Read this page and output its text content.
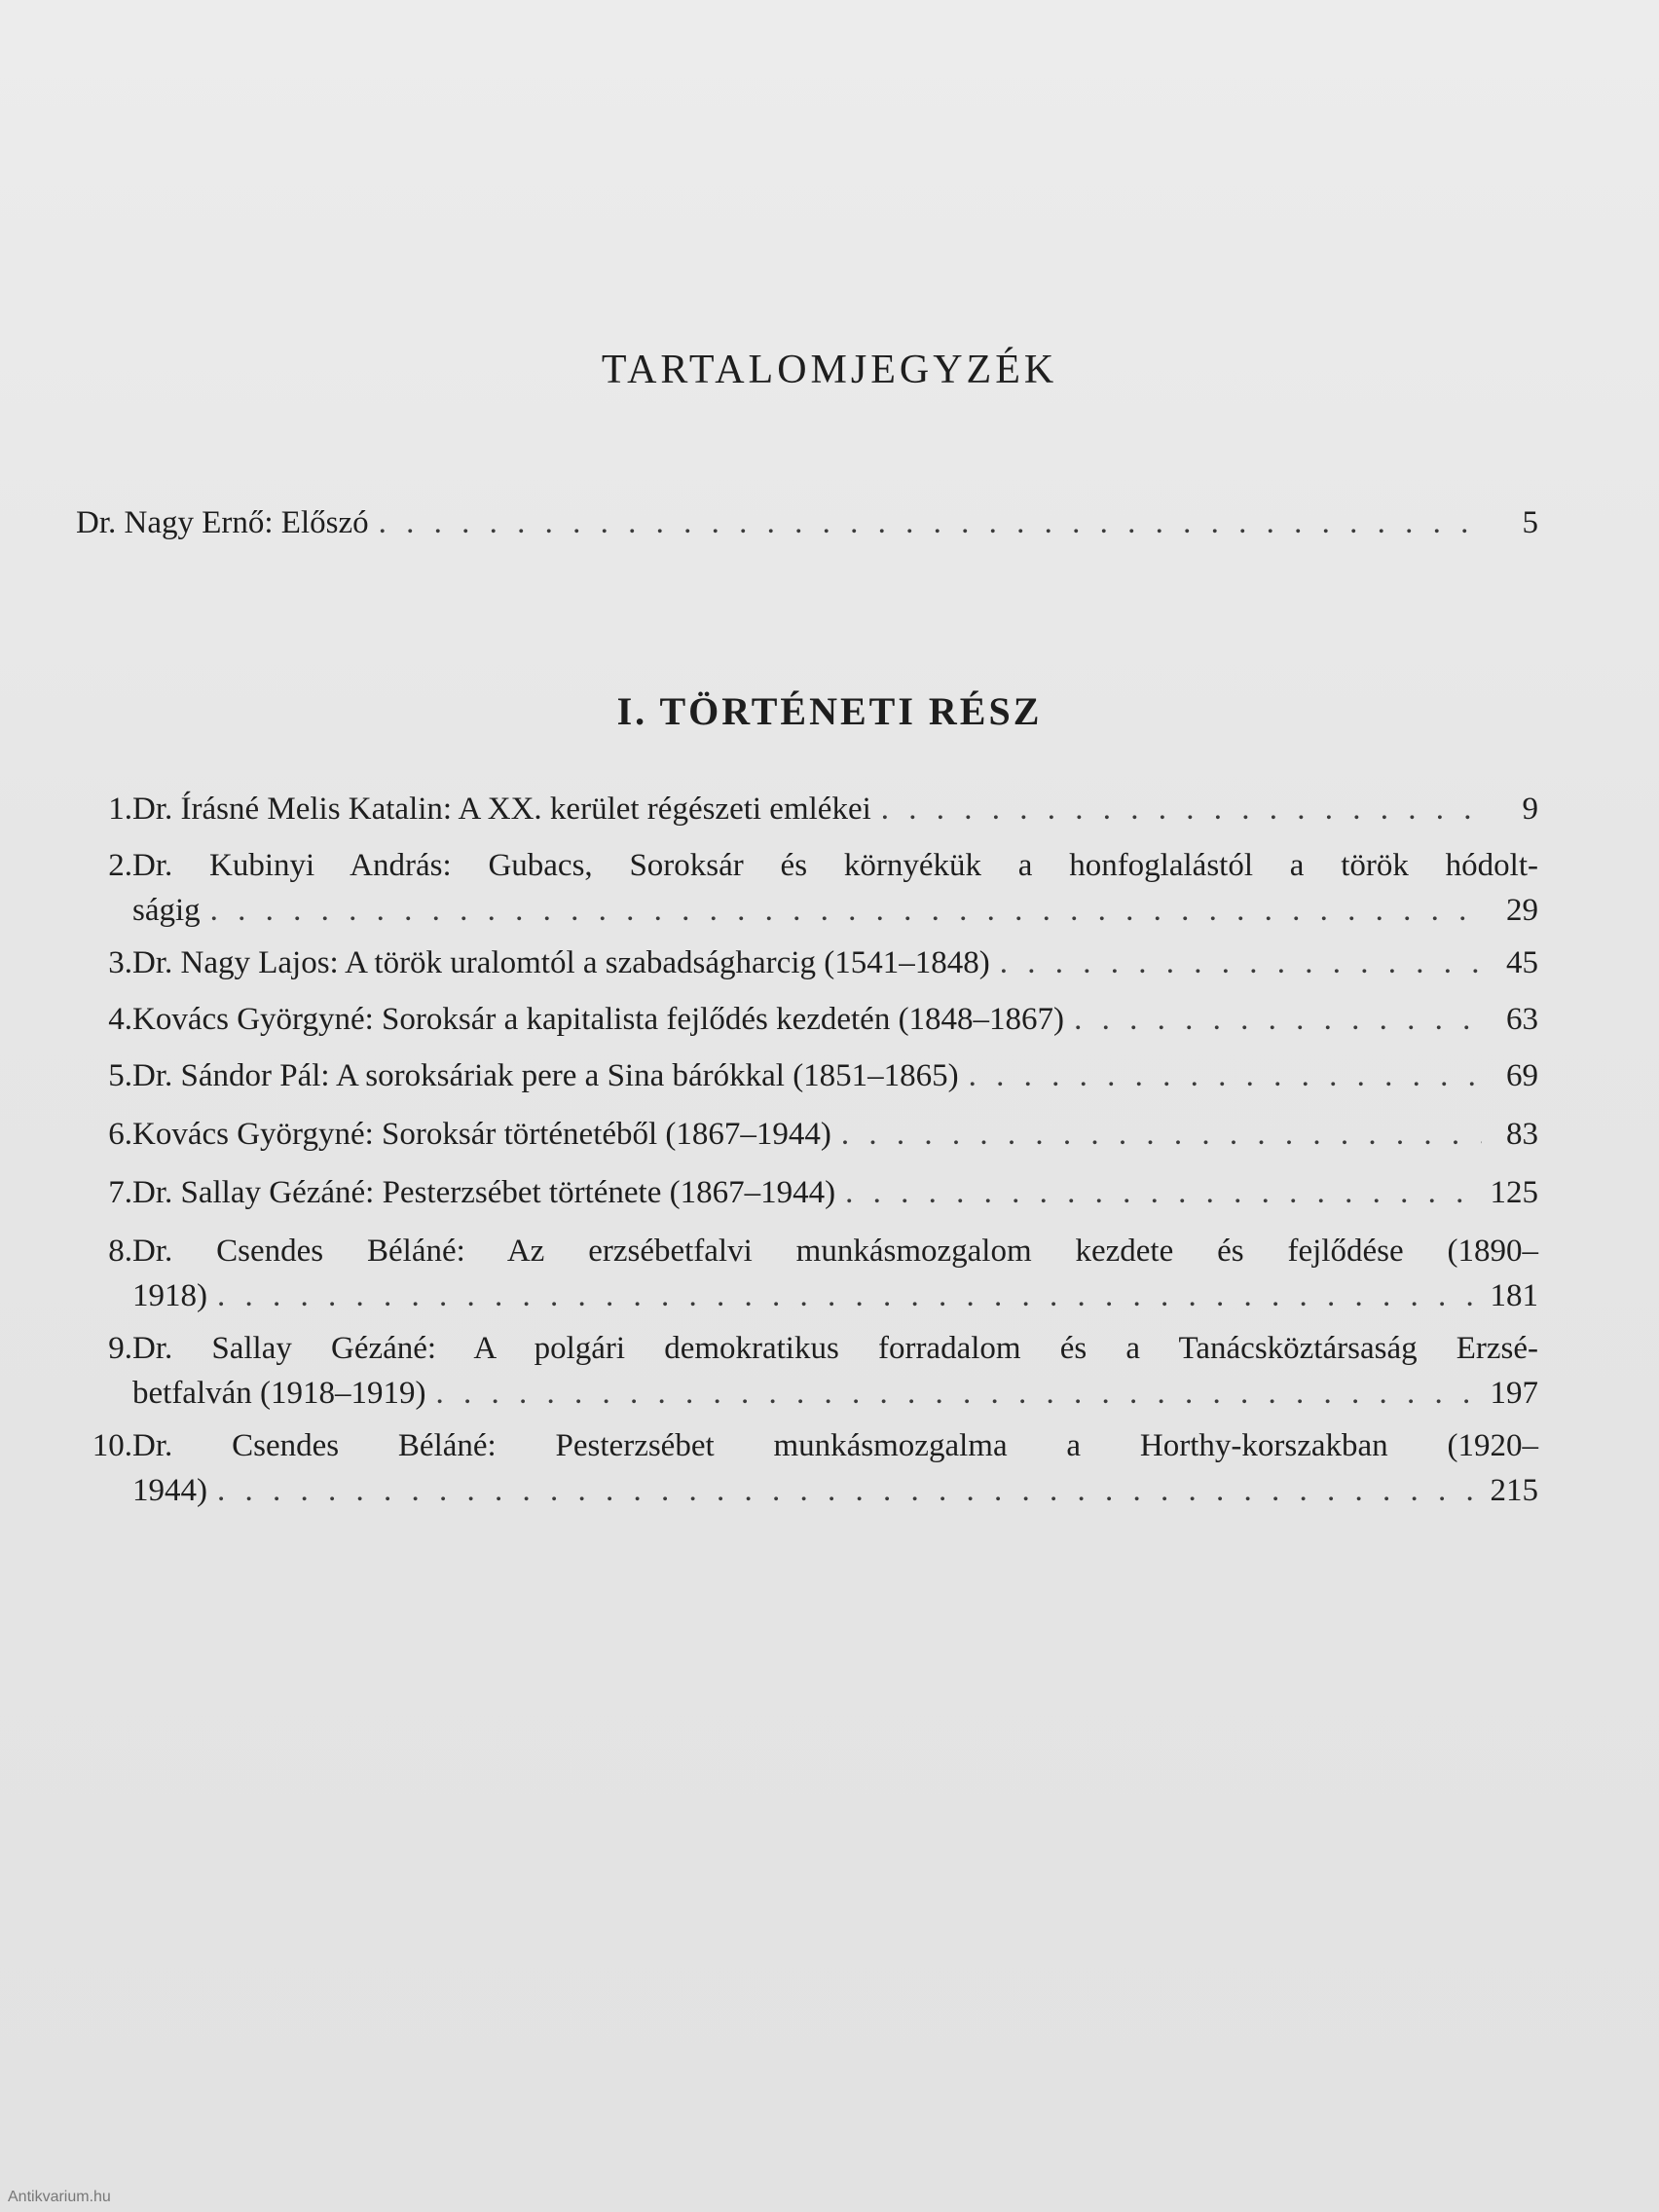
TARTALOMJEGYZÉK
Dr. Nagy Ernő: Előszó . . .	5
I. TÖRTÉNETI RÉSZ
1. Dr. Írásné Melis Katalin: A XX. kerület régészeti emlékei . . .	9
2. Dr. Kubinyi András: Gubacs, Soroksár és környékük a honfoglalástól a török hódolt-
ságig . . .	29
3. Dr. Nagy Lajos: A török uralomtól a szabadságharcig (1541–1848) . . .	45
4. Kovács Györgyné: Soroksár a kapitalista fejlődés kezdetén (1848–1867) . . .	63
5. Dr. Sándor Pál: A soroksáriak pere a Sina bárókkal (1851–1865) . . .	69
6. Kovács Györgyné: Soroksár történetéből (1867–1944) . . .	83
7. Dr. Sallay Gézáné: Pesterzsébet története (1867–1944) . . .	125
8. Dr. Csendes Béláné: Az erzsébetfalvi munkásmozgalom kezdete és fejlődése (1890–
1918) . . .	181
9. Dr. Sallay Gézáné: A polgári demokratikus forradalom és a Tanácsköztársaság Erzsé-
betfalván (1918–1919) . . .	197
10. Dr. Csendes Béláné: Pesterzsébet munkásmozgalma a Horthy-korszakban (1920–
1944) . . .	215
Antikvarium.hu
